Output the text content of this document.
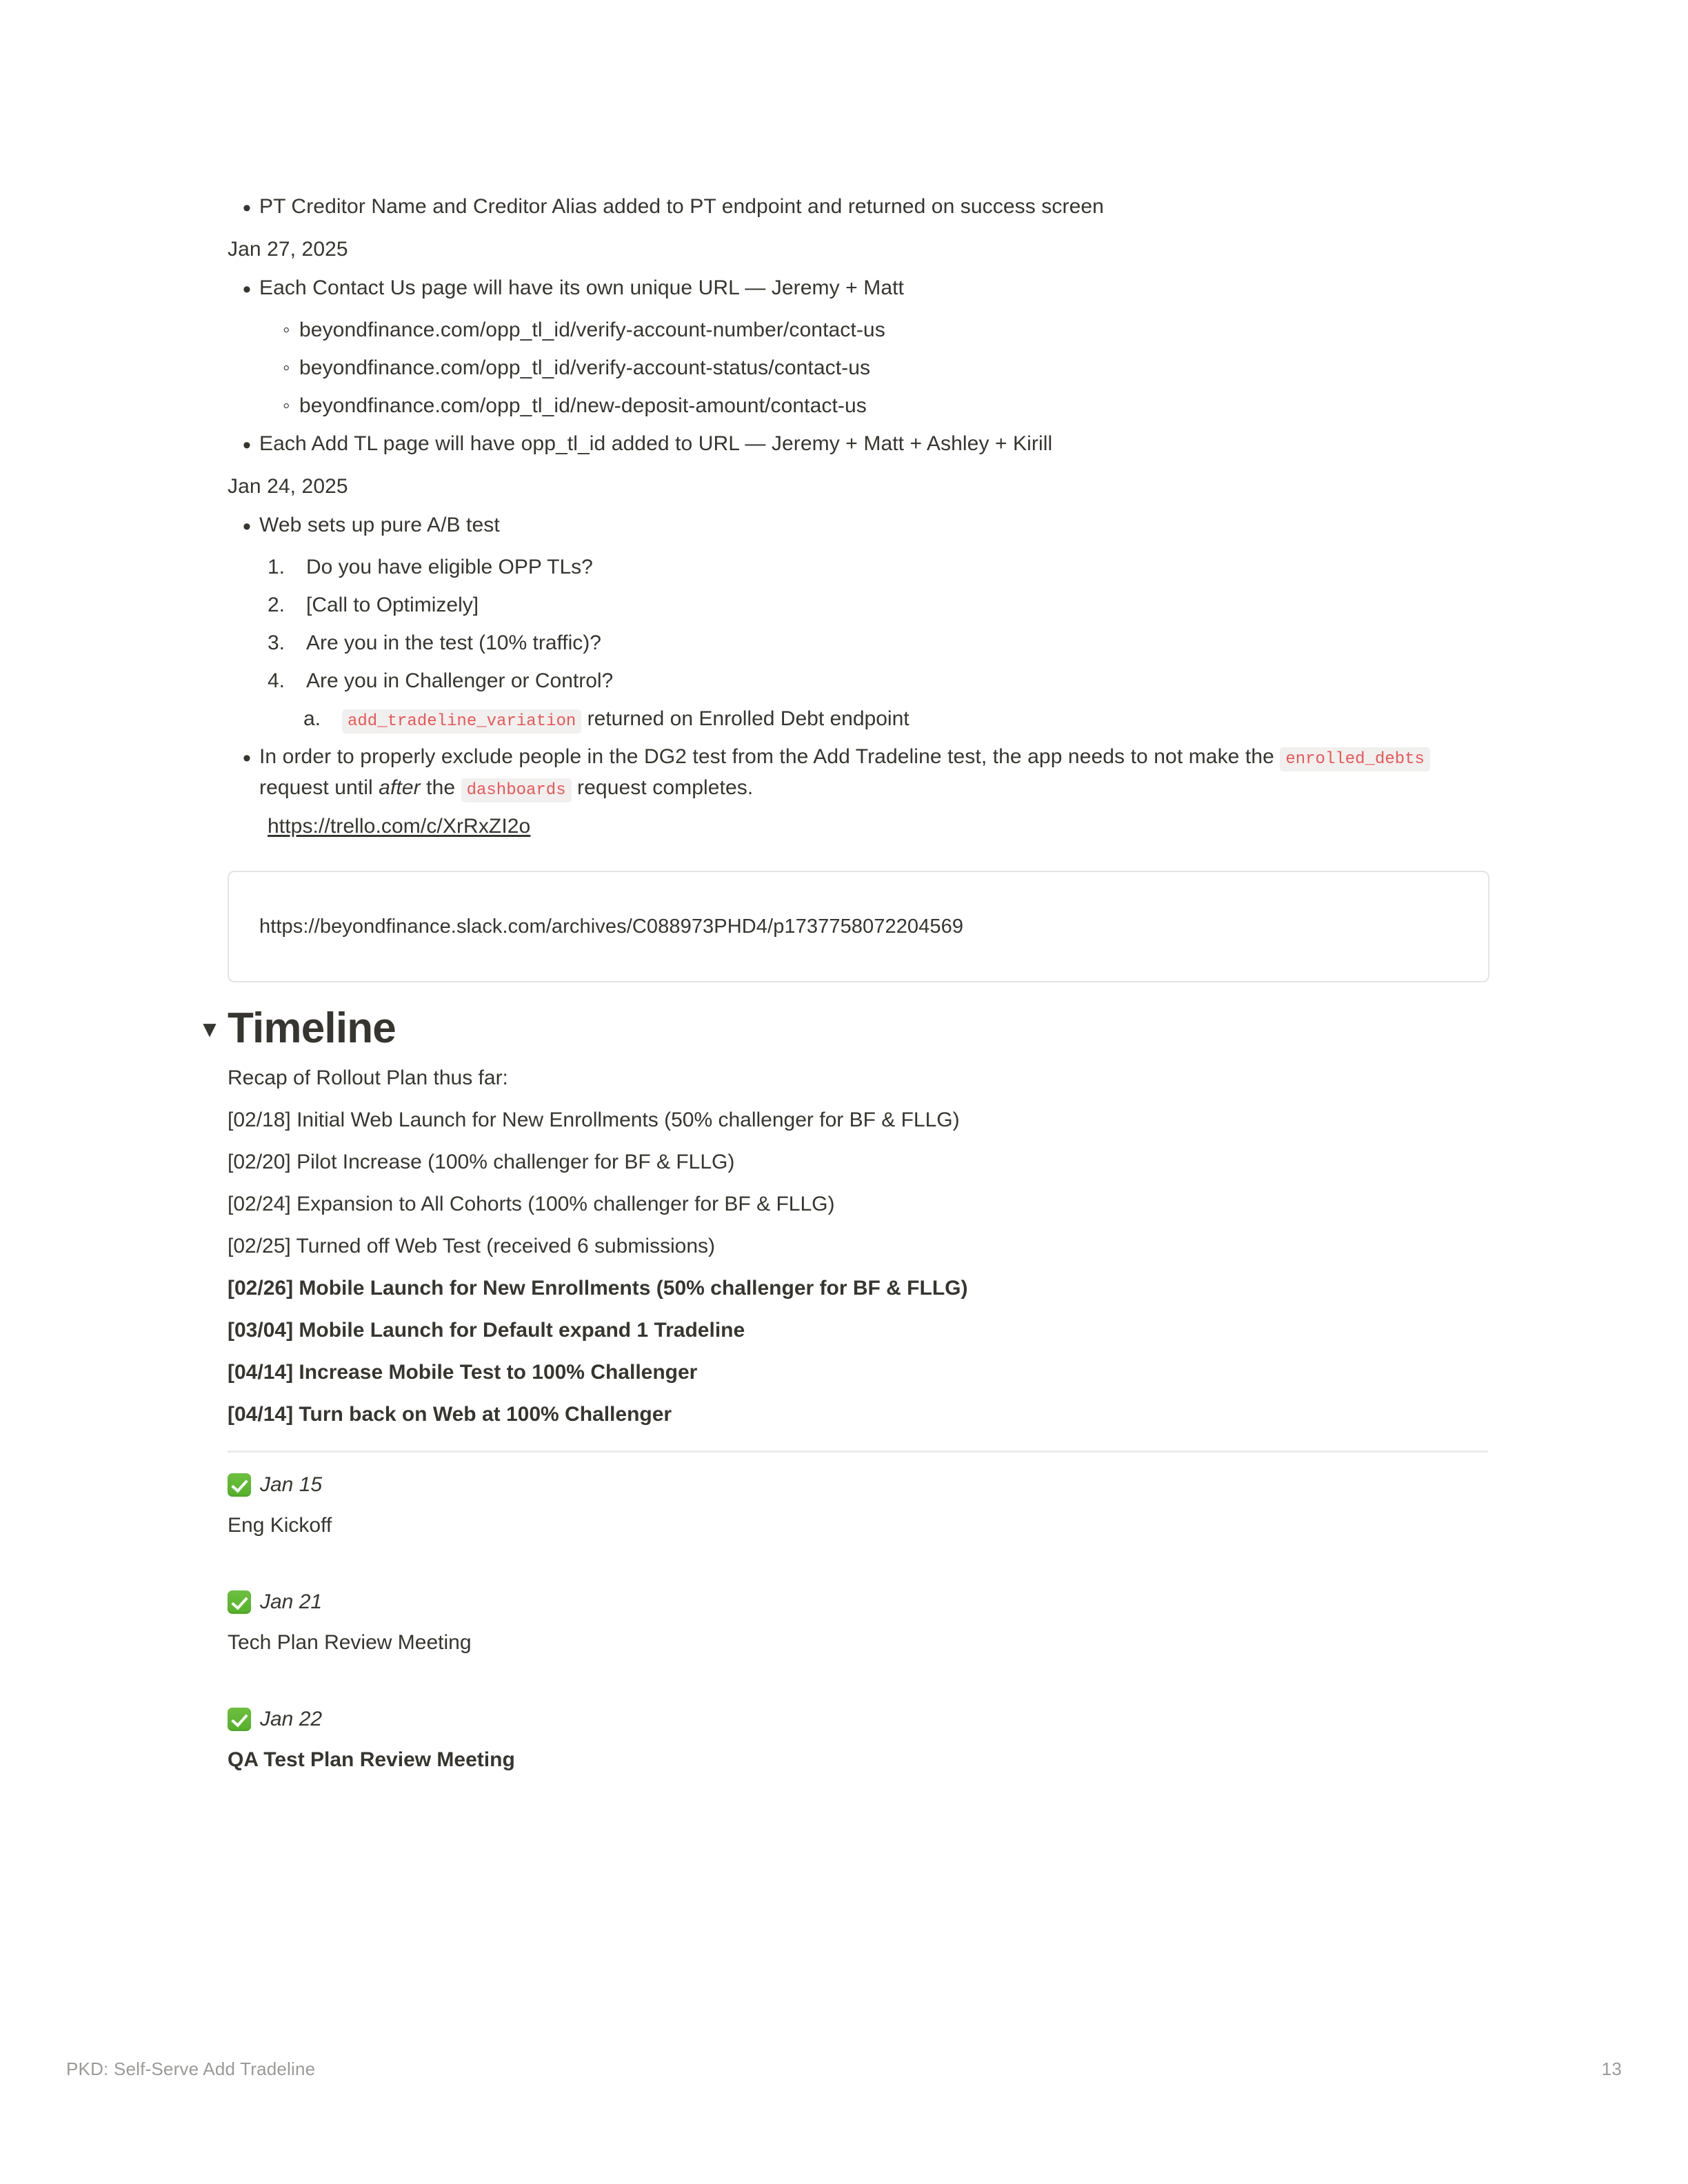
•
PT Creditor Name and Creditor Alias added to PT endpoint and returned on success screen
Jan 27, 2025
•
Each Contact Us page will have its own unique URL — Jeremy + Matt
◦
beyondfinance.com/opp_tl_id/verify-account-number/contact-us
◦
beyondfinance.com/opp_tl_id/verify-account-status/contact-us
◦
beyondfinance.com/opp_tl_id/new-deposit-amount/contact-us
•
Each Add TL page will have opp_tl_id added to URL — Jeremy + Matt + Ashley + Kirill
Jan 24, 2025
•
Web sets up pure A/B test
1.	Do you have eligible OPP TLs?
2.	[Call to Optimizely]
3.	Are you in the test (10% traffic)?
4.	Are you in Challenger or Control?
a.	add_tradeline_variation returned on Enrolled Debt endpoint
•
In order to properly exclude people in the DG2 test from the Add Tradeline test, the app needs to not make the enrolled_debts request until after the dashboards request completes.
https://trello.com/c/XrRxZI2o
https://beyondfinance.slack.com/archives/C088973PHD4/p1737758072204569
▼ Timeline
Recap of Rollout Plan thus far:
[02/18] Initial Web Launch for New Enrollments (50% challenger for BF & FLLG)
[02/20] Pilot Increase (100% challenger for BF & FLLG)
[02/24] Expansion to All Cohorts (100% challenger for BF & FLLG)
[02/25] Turned off Web Test (received 6 submissions)
[02/26] Mobile Launch for New Enrollments (50% challenger for BF & FLLG)
[03/04] Mobile Launch for Default expand 1 Tradeline
[04/14] Increase Mobile Test to 100% Challenger
[04/14] Turn back on Web at 100% Challenger
Jan 15
Eng Kickoff
Jan 21
Tech Plan Review Meeting
Jan 22
QA Test Plan Review Meeting
PKD: Self-Serve Add Tradeline	13
